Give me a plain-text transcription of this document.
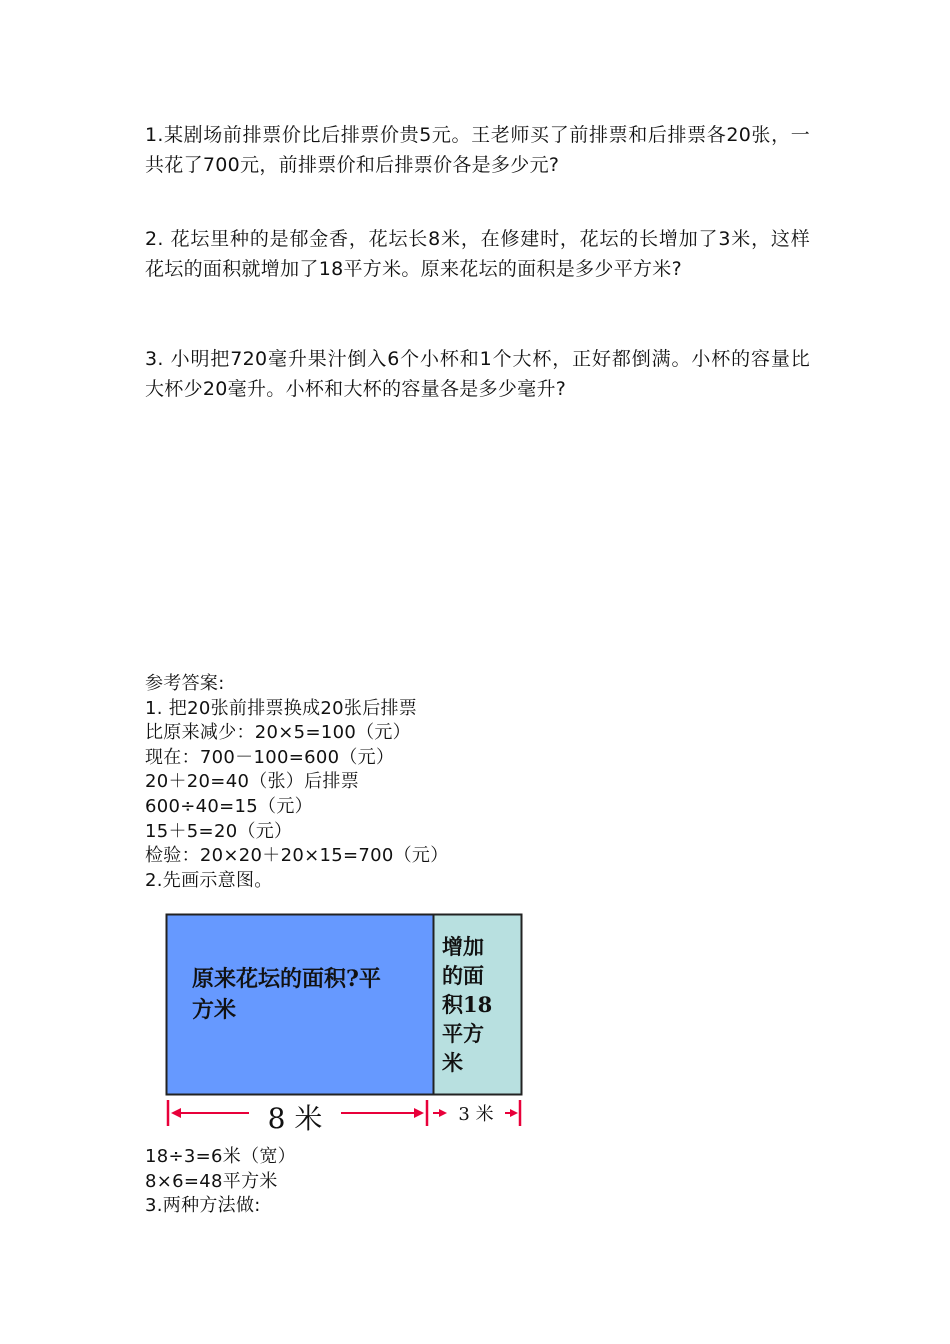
1.某剧场前排票价比后排票价贵5元。王老师买了前排票和后排票各20张，一共花了700元，前排票价和后排票价各是多少元?

2. 花坛里种的是郁金香，花坛长8米，在修建时，花坛的长增加了3米，这样花坛的面积就增加了18平方米。原来花坛的面积是多少平方米?

3. 小明把720毫升果汁倒入6个小杯和1个大杯，正好都倒满。小杯的容量比大杯少20毫升。小杯和大杯的容量各是多少毫升?

参考答案:
1. 把20张前排票换成20张后排票
比原来减少：20×5=100（元）
现在：700－100=600（元）
20＋20=40（张）后排票
600÷40=15（元）
15＋5=20（元）
检验：20×20＋20×15=700（元）
2.先画示意图。
原来花坛的面积?平
方米
增加
的面
积18
平方
米
8 米	3 米
18÷3=6米（宽）
8×6=48平方米
3.两种方法做:
